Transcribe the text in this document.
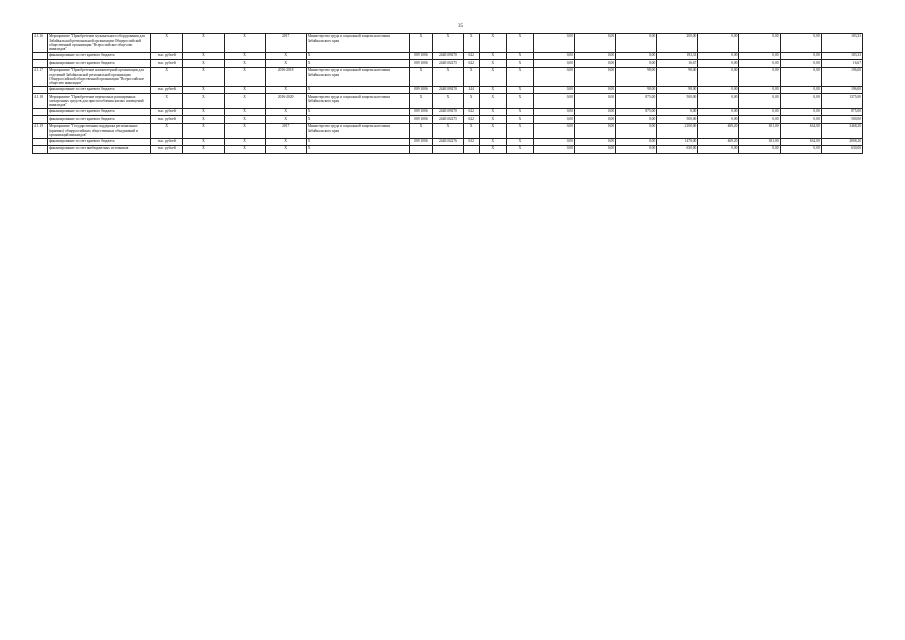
35
4.1.16	Мероприятие "Приобретение музыкального оборудования для Забайкальской региональной организации Общероссийской общественной организации "Всероссийское общество инвалидов"	Х	Х	Х	2017	Министерство труда и социальной защиты населения Забайкальского края	Х	Х	Х	Х	Х	0,00	0,00	0,00	200,00	0,00	0,00	0,00	183,33
	финансирование за счет краевого бюджета	тыс. рублей	Х	Х	Х	Х	009 1006	2440109270	622	Х	Х	0,00	0,00	0,00	183,33	0,00	0,00	0,00	183,33
	финансирование за счет краевого бюджета	тыс. рублей	Х	Х	Х	Х	009 1006	2440102275	622	Х	Х	0,00	0,00	0,00	16,67	0,00	0,00	0,00	16,67
4.1.17	Мероприятие "Приобретение компьютерной организации для отделений Забайкальской региональной организации Общероссийской общественной организации "Всероссийское общество инвалидов"	Х	Х	Х	2016-2018	Министерство труда и социальной защиты населения Забайкальского края	Х	Х	Х	Х	Х	0,00	0,00	98,00	98,00	0,00	0,00	0,00	196,00
	финансирование за счет краевого бюджета	тыс. рублей	Х	Х	Х	Х	009 1006	2440109270	244	Х	Х	0,00	0,00	98,00	98,00	0,00	0,00	0,00	196,00
4.1.18	Мероприятие "Приобретение переносных расширенных электронных средств для приспособления жилых помещений инвалидов"	Х	Х	Х	2016-2020	Министерство труда и социальной защиты населения Забайкальского края	Х	Х	Х	Х	Х	0,00	0,00	875,00	500,00	0,00	0,00	0,00	1375,00
	финансирование за счет краевого бюджета	тыс. рублей	Х	Х	Х	Х	009 1006	2440109270	622	Х	Х	0,00	0,00	875,00	0,00	0,00	0,00	0,00	875,00
	финансирование за счет краевого бюджета	тыс. рублей	Х	Х	Х	Х	009 1006	2440102275	622	Х	Х	0,00	0,00	0,00	500,00	0,00	0,00	0,00	500,00
4.1.19	Мероприятие "Государственная поддержка региональных (краевых) общероссийских общественных объединений и организаций инвалидов"	Х	Х	Х	2017	Министерство труда и социальной защиты населения Забайкальского края	Х	Х	Х	Х	Х	0,00	0,00	0,00	2100,00	469,20	651,00	634,00	3468,20
	финансирование за счет краевого бюджета	тыс. рублей	Х	Х	Х	Х	009 1006	2440102276	632	Х	Х	0,00	0,00	0,00	1470,00	469,20	651,00	634,00	2808,20
	финансирование за счет внебюджетных источников	тыс. рублей	Х	Х	Х	Х				Х	Х	0,00	0,00	0,00	630,00	0,00	0,00	0,00	630,00
